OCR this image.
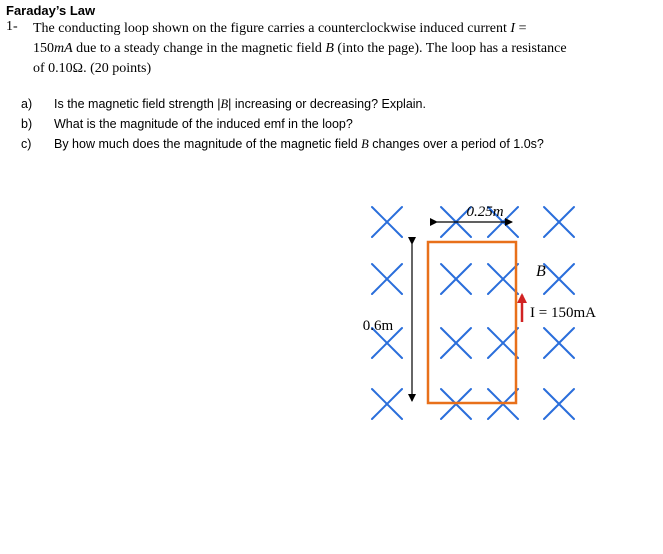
Faraday’s Law
1- The conducting loop shown on the figure carries a counterclockwise induced current I =
150mA due to a steady change in the magnetic field B (into the page). The loop has a resistance
of 0.10Ω. (20 points)
a) Is the magnetic field strength |B| increasing or decreasing? Explain.
b) What is the magnitude of the induced emf in the loop?
c) By how much does the magnitude of the magnetic field B changes over a period of 1.0s?
0.25m
0.6m
B
I = 150mA
